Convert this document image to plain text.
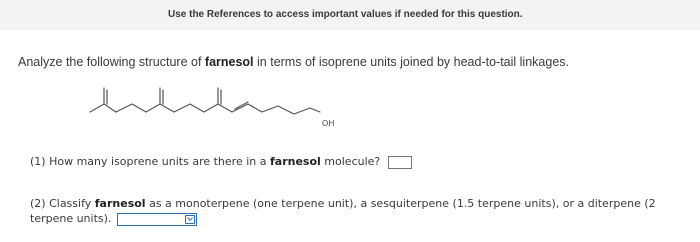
Use the References to access important values if needed for this question.
Analyze the following structure of farnesol in terms of isoprene units joined by head-to-tail linkages.
OH
(1) How many isoprene units are there in a farnesol molecule?
(2) Classify farnesol as a monoterpene (one terpene unit), a sesquiterpene (1.5 terpene units), or a diterpene (2 terpene units).
